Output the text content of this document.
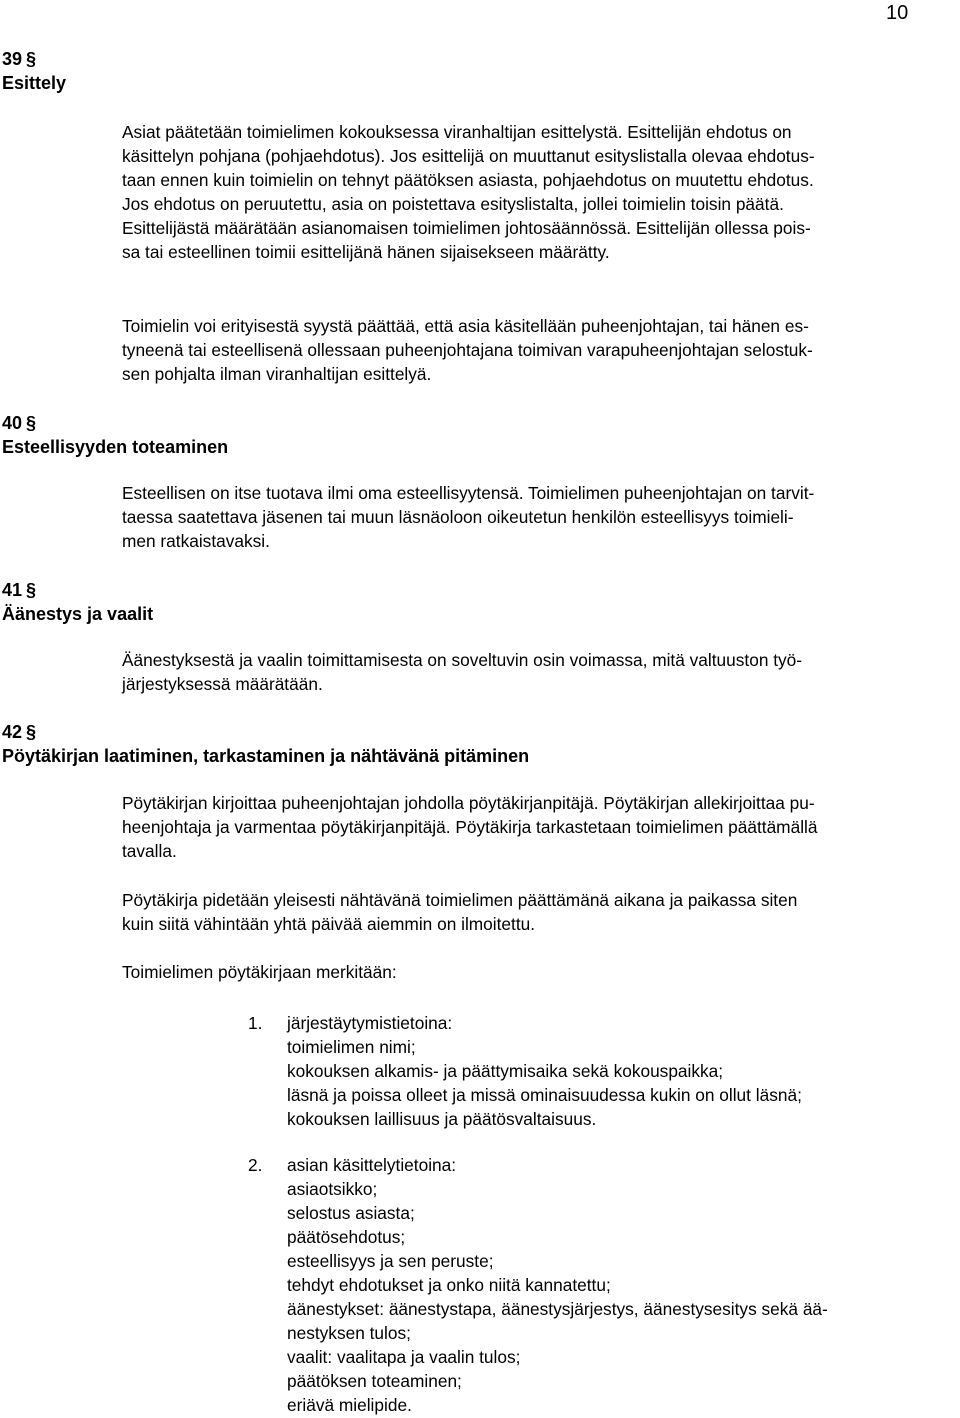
10
39 §
Esittely
40 §
Esteellisyyden toteaminen
41 §
Äänestys ja vaalit
42 §
Pöytäkirjan laatiminen, tarkastaminen ja nähtävänä pitäminen
Asiat päätetään toimielimen kokouksessa viranhaltijan esittelystä. Esittelijän ehdotus on
käsittelyn pohjana (pohjaehdotus). Jos esittelijä on muuttanut esityslistalla olevaa ehdotus-
taan ennen kuin toimielin on tehnyt päätöksen asiasta, pohjaehdotus on muutettu ehdotus.
Jos ehdotus on peruutettu, asia on poistettava esityslistalta, jollei toimielin toisin päätä.
Esittelijästä määrätään asianomaisen toimielimen johtosäännössä. Esittelijän ollessa pois-
sa tai esteellinen toimii esittelijänä hänen sijaisekseen määrätty.
Toimielin voi erityisestä syystä päättää, että asia käsitellään puheenjohtajan, tai hänen es-
tyneenä tai esteellisenä ollessaan puheenjohtajana toimivan varapuheenjohtajan selostuk-
sen pohjalta ilman viranhaltijan esittelyä.
Esteellisen on itse tuotava ilmi oma esteellisyytensä. Toimielimen puheenjohtajan on tarvit-
taessa saatettava jäsenen tai muun läsnäoloon oikeutetun henkilön esteellisyys toimieli-
men ratkaistavaksi.
Äänestyksestä ja vaalin toimittamisesta on soveltuvin osin voimassa, mitä valtuuston työ-
järjestyksessä määrätään.
Pöytäkirjan kirjoittaa puheenjohtajan johdolla pöytäkirjanpitäjä. Pöytäkirjan allekirjoittaa pu-
heenjohtaja ja varmentaa pöytäkirjanpitäjä. Pöytäkirja tarkastetaan toimielimen päättämällä
tavalla.
Pöytäkirja pidetään yleisesti nähtävänä toimielimen päättämänä aikana ja paikassa siten
kuin siitä vähintään yhtä päivää aiemmin on ilmoitettu.
Toimielimen pöytäkirjaan merkitään:
1. järjestäytymistietoina:
toimielimen nimi;
kokouksen alkamis- ja päättymisaika sekä kokouspaikka;
läsnä ja poissa olleet ja missä ominaisuudessa kukin on ollut läsnä;
kokouksen laillisuus ja päätösvaltaisuus.
2. asian käsittelytietoina:
asiaotsikko;
selostus asiasta;
päätösehdotus;
esteellisyys ja sen peruste;
tehdyt ehdotukset ja onko niitä kannatettu;
äänestykset: äänestystapa, äänestysjärjestys, äänestysesitys sekä ää-
nestyksen tulos;
vaalit: vaalitapa ja vaalin tulos;
päätöksen toteaminen;
eriävä mielipide.
